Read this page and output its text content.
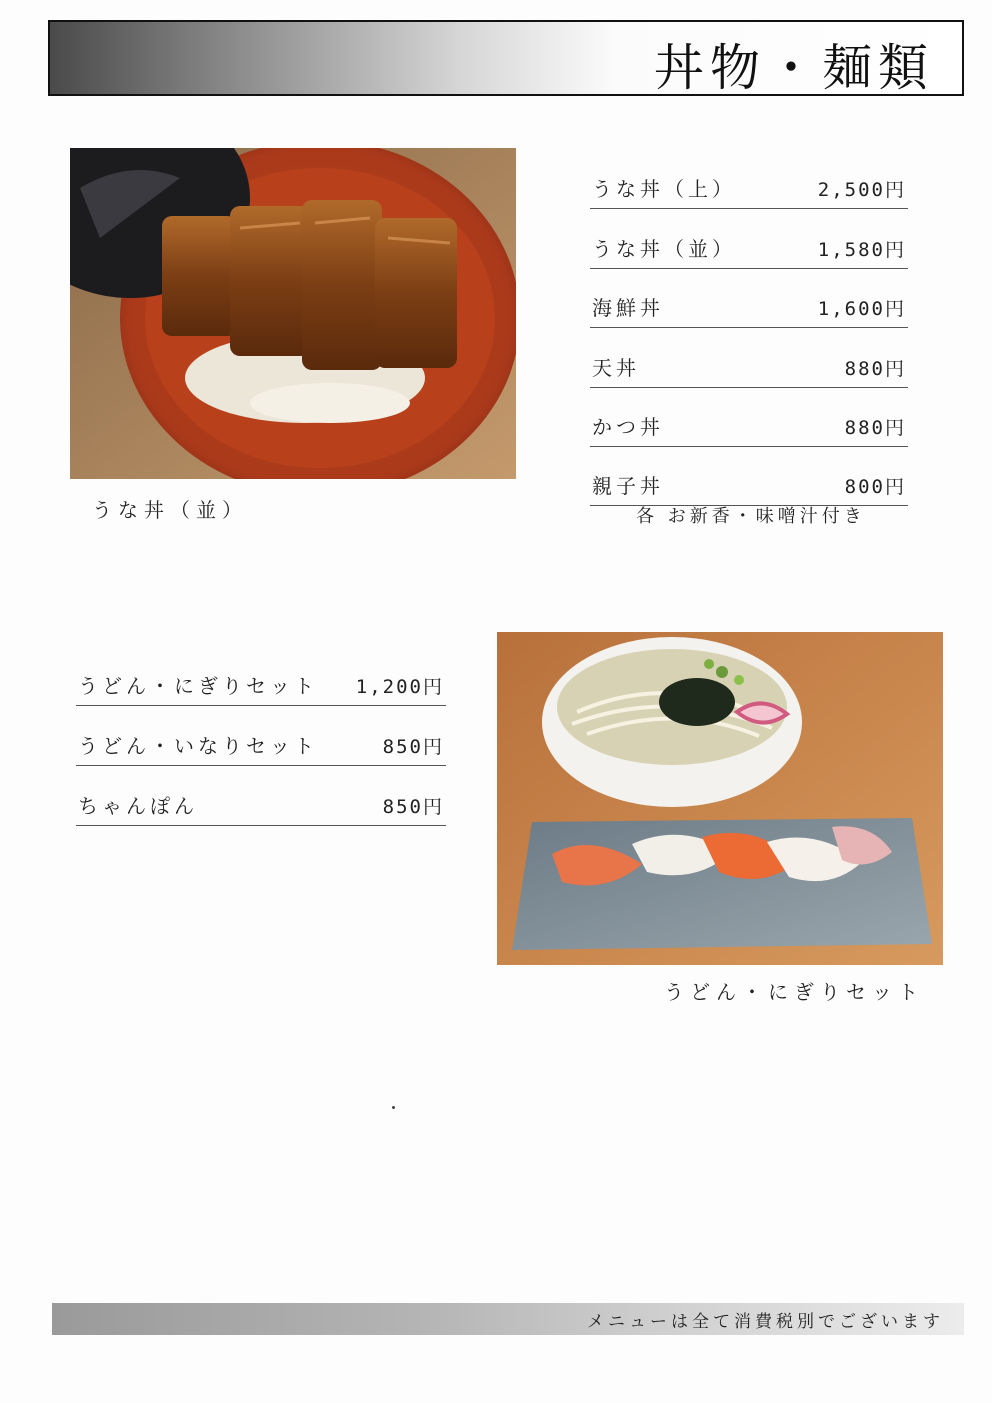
丼物・麺類
うな丼（並）
うな丼（上）	2,500円
うな丼（並）	1,580円
海鮮丼	1,600円
天丼	880円
かつ丼	880円
親子丼	800円
各 お新香・味噌汁付き
うどん・にぎりセット 1,200円
うどん・いなりセット	850円
ちゃんぽん	850円
うどん・にぎりセット
メニューは全て消費税別でございます
